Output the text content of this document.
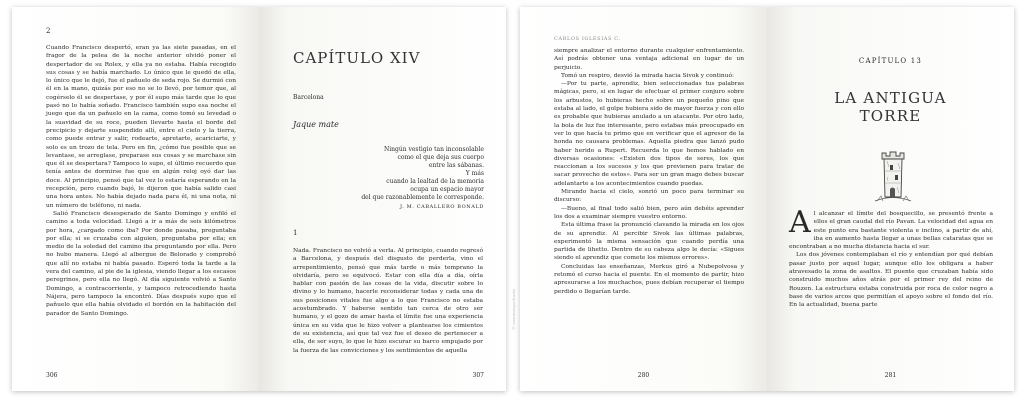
2

Cuando Francisco despertó, eran ya las siete pasadas, en el fragor de la pelea de la noche anterior olvidó poner el despertador de su Rolex, y ella ya no estaba. Había recogido sus cosas y se había marchado. Lo único que le quedó de ella, lo único que le dejó, fue el pañuelo de seda rojo. Se durmió con él en la mano, quizás por eso no se lo llevó, por temor que, al cogérselo él se despertase, y por él supo más tarde que lo que pasó no lo había soñado. Francisco también supo esa noche el juego que da un pañuelo en la cama, como tomó su levedad o la suavidad de su roce, pueden llevarte hasta el borde del precipicio y dejarte suspendido allí, entre el cielo y la tierra, como puede entrar y salir, rodearte, apretarte, acariciarte, y solo es un trozo de tela. Pero en fin, ¿cómo fue posible que se levantase, se arreglase, preparase sus cosas y se marchase sin que él se despertara? Tampoco lo supo, el último recuerdo que tenía antes de dormirse fue que en algún reloj oyó dar las doce. Al principio, pensó que tal vez lo estaría esperando en la recepción, pero cuando bajó, le dijeron que había salido casi una hora antes. No había dejado nada para él, ni una nota, ni un número de teléfono, ni nada.

Salió Francisco desesperado de Santo Domingo y enfiló el camino a toda velocidad. Llegó a ir a más de seis kilómetros por hora, ¿cargado como iba? Por donde pasaba, preguntaba por ella; si se cruzaba con alguien, preguntaba por ella; en medio de la soledad del camino iba preguntando por ella. Pero no hubo manera. Llegó al albergue de Belorado y comprobó que allí no estaba ni había pasado. Esperó toda la tarde a la vera del camino, al pie de la iglesia, viendo llegar a los escasos peregrinos, pero ella no llegó. Al día siguiente volvió a Santo Domingo, a contracorriente, y tampoco retrocediendo hasta Nájera, pero tampoco la encontró. Días después supo que el pañuelo que ella había olvidado el bordón en la habitación del parador de Santo Domingo.

306
CAPÍTULO XIV
Barcelona
Jaque mate
Ningún vestigio tan inconsolable
como el que deja sus cuerpo
entre las sábanas.
Y más
cuando la lealtad de la memoria
ocupa un espacio mayor
del que razonablemente le corresponde.
J. M. CABALLERO BONALD
1

Nada. Francisco no volvió a verla. Al principio, cuando regresó a Barcelona, y después del disgusto de perderla, vino el arrepentimiento, pensó que más tarde o más temprano la olvidaría, pero se equivocó. Estar con ella día a día, oírla hablar con pasión de las cosas de la vida, discutir sobre lo divino y lo humano, hacerle reconsiderar todas y cada una de sus posiciones vitales fue algo a lo que Francisco no estaba acostumbrado. Y haberse sentido tan cerca de otro ser humano, y el gozo de amar hasta el límite fue una experiencia única en su vida que le hizo volver a plantearse los cimientos de su existencia, así que tal vez fue el deseo de pertenecer a ella, de ser suyo, lo que le hizo escurar su barco empujado por la fuerza de las convicciones y los sentimientos de aquella

307
© nosinmispodcasts
CARLOS IGLESIAS C.

siempre analizar el entorno durante cualquier enfrentamiento. Así podrás obtener una ventaja adicional en lugar de un perjuicio.

Tomó un respiro, desvió la mirada hacia Sivok y continuó:

—Por tu parte, aprendiz, bien seleccionadas tus palabras mágicas, pero, si en lugar de efectuar el primer conjuro sobre los arbustos, lo hubieras hecho sobre un pequeño pino que estaba al lado, el golpe hubiera sido de mayor fuerza y con ello es probable que hubieras anulado a un atacante. Por otro lado, la bola de luz fue interesante, pero estabas más preocupado en ver lo que hacía tu primo que en verificar que el agresor de la honda no causara problemas. Aquella piedra que lanzó pudo haber herido a Rupert. Recuerda lo que hemos hablado en diversas ocasiones: «Existen dos tipos de seres, los que reaccionan a los sucesos y los que previenen para tratar de sacar provecho de estos». Para ser un gran mago debes buscar adelantarte a los acontecimientos cuando puedas.

Mirando hacia el cielo, sonrió un poco para terminar su discurso:

—Bueno, al final todo salió bien, pero aún debéis aprender los dos a examinar siempre vuestro entorno.

Esta última frase la pronunció clavando la mirada en los ojos de su aprendiz. Al percibir Sivok las últimas palabras, experimentó la misma sensación que cuando perdía una partida de lihetto. Dentro de su cabeza algo le decía: «Sigues siendo el aprendiz que comete los mismos errores».

Concluidas las enseñanzas, Merkus giró a Nubepolvosa y retomó el curso hacia el puente. En el momento de partir, hizo apresurarse a los muchachos, pues debían recuperar el tiempo perdido o llegarían tarde.

280
CAPÍTULO 13
LA ANTIGUA
TORRE

Al alcanzar el límite del bosquecillo, se presentó frente a ellos el gran caudal del río Pavan. La velocidad del agua en este punto era bastante violenta e inclino, a partir de ahí, iba en aumento hasta llegar a unas bellas cataratas que se encontraban a no mucha distancia hacia el sur.

Los dos jóvenes contemplaban el río y entendían por qué debían pasar justo por aquel lugar, aunque ello los obligara a haber atravesado la zona de asaltos. El puente que cruzaban había sido construido muchos años atrás por el primer rey del reino de Rouzen. La estructura estaba construida por roca de color negro a base de varios arcos que permitían el apoyo sobre el fondo del río. En la actualidad, buena parte

281
